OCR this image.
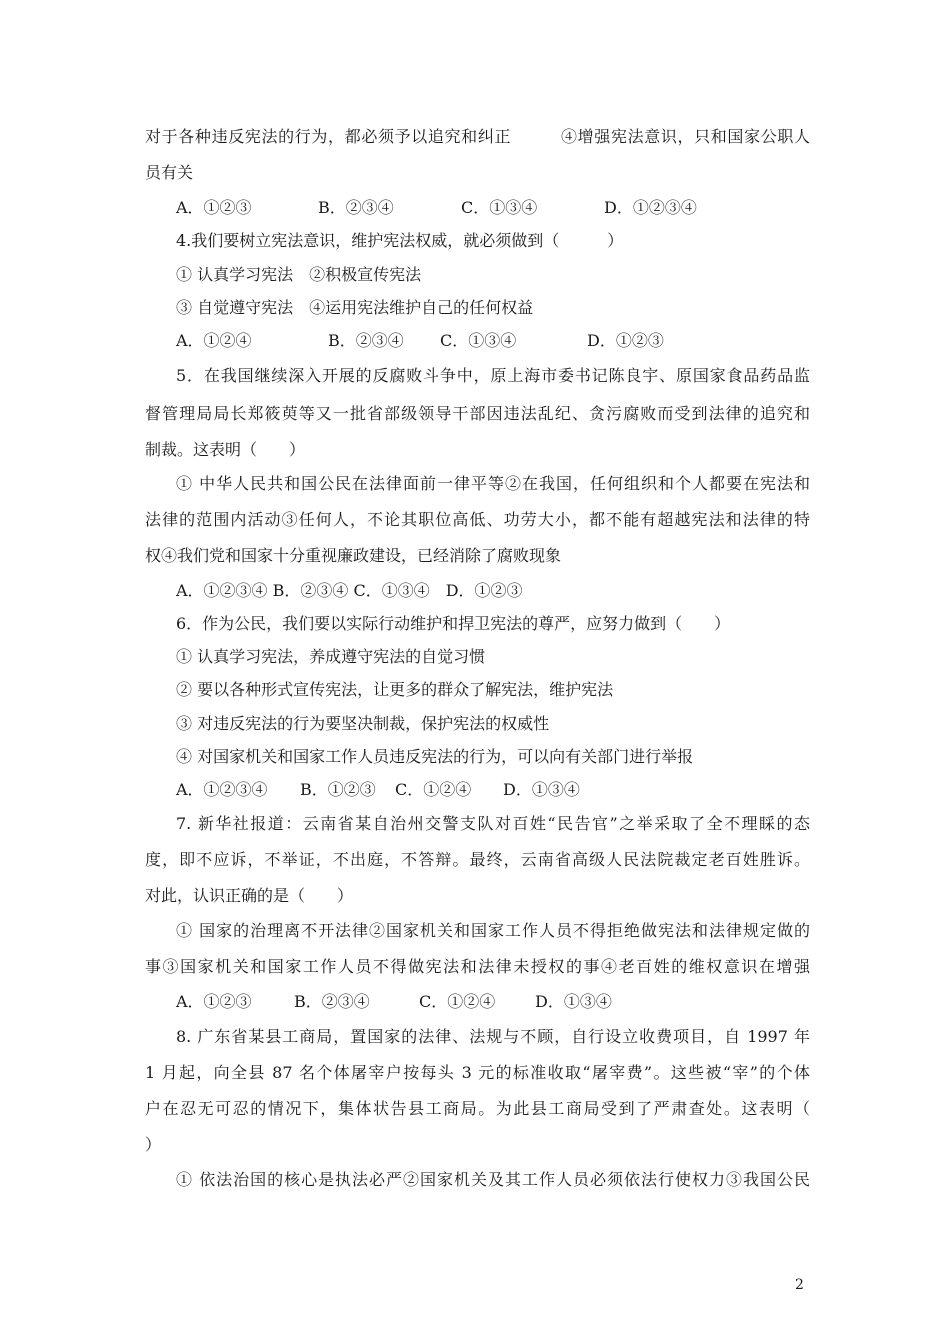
对于各种违反宪法的行为，都必须予以追究和纠正　　　④增强宪法意识，只和国家公职人
员有关
A．①②③	B．②③④	C．①③④	D．①②③④
4.我们要树立宪法意识，维护宪法权威，就必须做到（　　　）
① 认真学习宪法　②积极宣传宪法
③ 自觉遵守宪法　④运用宪法维护自己的任何权益
A．①②④	B．②③④ C．①③④	D．①②③
5．在我国继续深入开展的反腐败斗争中，原上海市委书记陈良宇、原国家食品药品监
督管理局局长郑筱萸等又一批省部级领导干部因违法乱纪、贪污腐败而受到法律的追究和
制裁。这表明（　　）
① 中华人民共和国公民在法律面前一律平等②在我国，任何组织和个人都要在宪法和
法律的范围内活动③任何人，不论其职位高低、功劳大小，都不能有超越宪法和法律的特
权④我们党和国家十分重视廉政建设，已经消除了腐败现象
A．①②③④ B．②③④ C．①③④　D．①②③
6．作为公民，我们要以实际行动维护和捍卫宪法的尊严，应努力做到（　　）
① 认真学习宪法，养成遵守宪法的自觉习惯
② 要以各种形式宣传宪法，让更多的群众了解宪法，维护宪法
③ 对违反宪法的行为要坚决制裁，保护宪法的权威性
④ 对国家机关和国家工作人员违反宪法的行为，可以向有关部门进行举报
A．①②③④ B．①②③ C．①②④ D．①③④
7. 新华社报道：云南省某自治州交警支队对百姓“民告官”之举采取了全不理睬的态
度，即不应诉，不举证，不出庭，不答辩。最终，云南省高级人民法院裁定老百姓胜诉。
对此，认识正确的是（　　）
① 国家的治理离不开法律②国家机关和国家工作人员不得拒绝做宪法和法律规定做的
事③国家机关和国家工作人员不得做宪法和法律未授权的事④老百姓的维权意识在增强
A．①②③	B．②③④	C．①②④ D．①③④
8. 广东省某县工商局，置国家的法律、法规与不顾，自行设立收费项目，自 1997 年
1 月起，向全县 87 名个体屠宰户按每头 3 元的标准收取“屠宰费”。这些被“宰”的个体
户在忍无可忍的情况下，集体状告县工商局。为此县工商局受到了严肃查处。这表明（
）
① 依法治国的核心是执法必严②国家机关及其工作人员必须依法行使权力③我国公民
2
